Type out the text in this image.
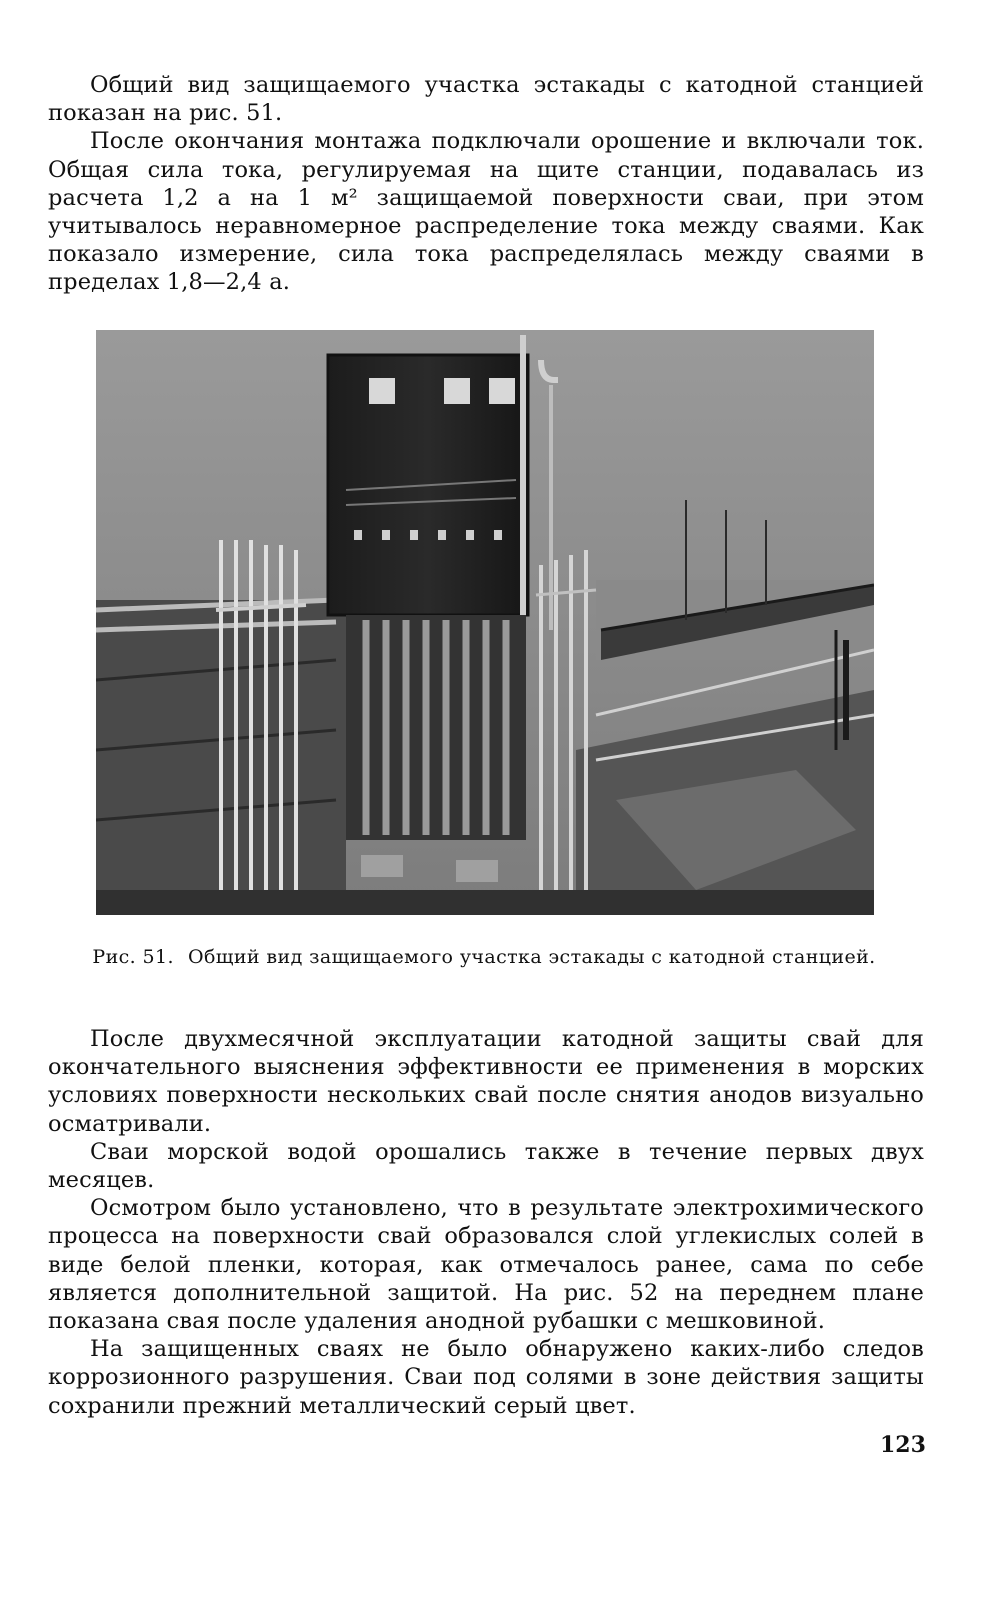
Общий вид защищаемого участка эстакады с катодной станцией показан на рис. 51.

После окончания монтажа подключали орошение и включали ток. Общая сила тока, регулируемая на щите станции, подавалась из расчета 1,2 а на 1 м² защищаемой поверхности сваи, при этом учитывалось неравномерное распределение тока между сваями. Как показало измерение, сила тока распределялась между сваями в пределах 1,8—2,4 а.

Рис. 51. Общий вид защищаемого участка эстакады с катодной станцией.

После двухмесячной эксплуатации катодной защиты свай для окончательного выяснения эффективности ее применения в морских условиях поверхности нескольких свай после снятия анодов визуально осматривали.

Сваи морской водой орошались также в течение первых двух месяцев.

Осмотром было установлено, что в результате электрохимического процесса на поверхности свай образовался слой углекислых солей в виде белой пленки, которая, как отмечалось ранее, сама по себе является дополнительной защитой. На рис. 52 на переднем плане показана свая после удаления анодной рубашки с мешковиной.

На защищенных сваях не было обнаружено каких-либо следов коррозионного разрушения. Сваи под солями в зоне действия защиты сохранили прежний металлический серый цвет.

123
